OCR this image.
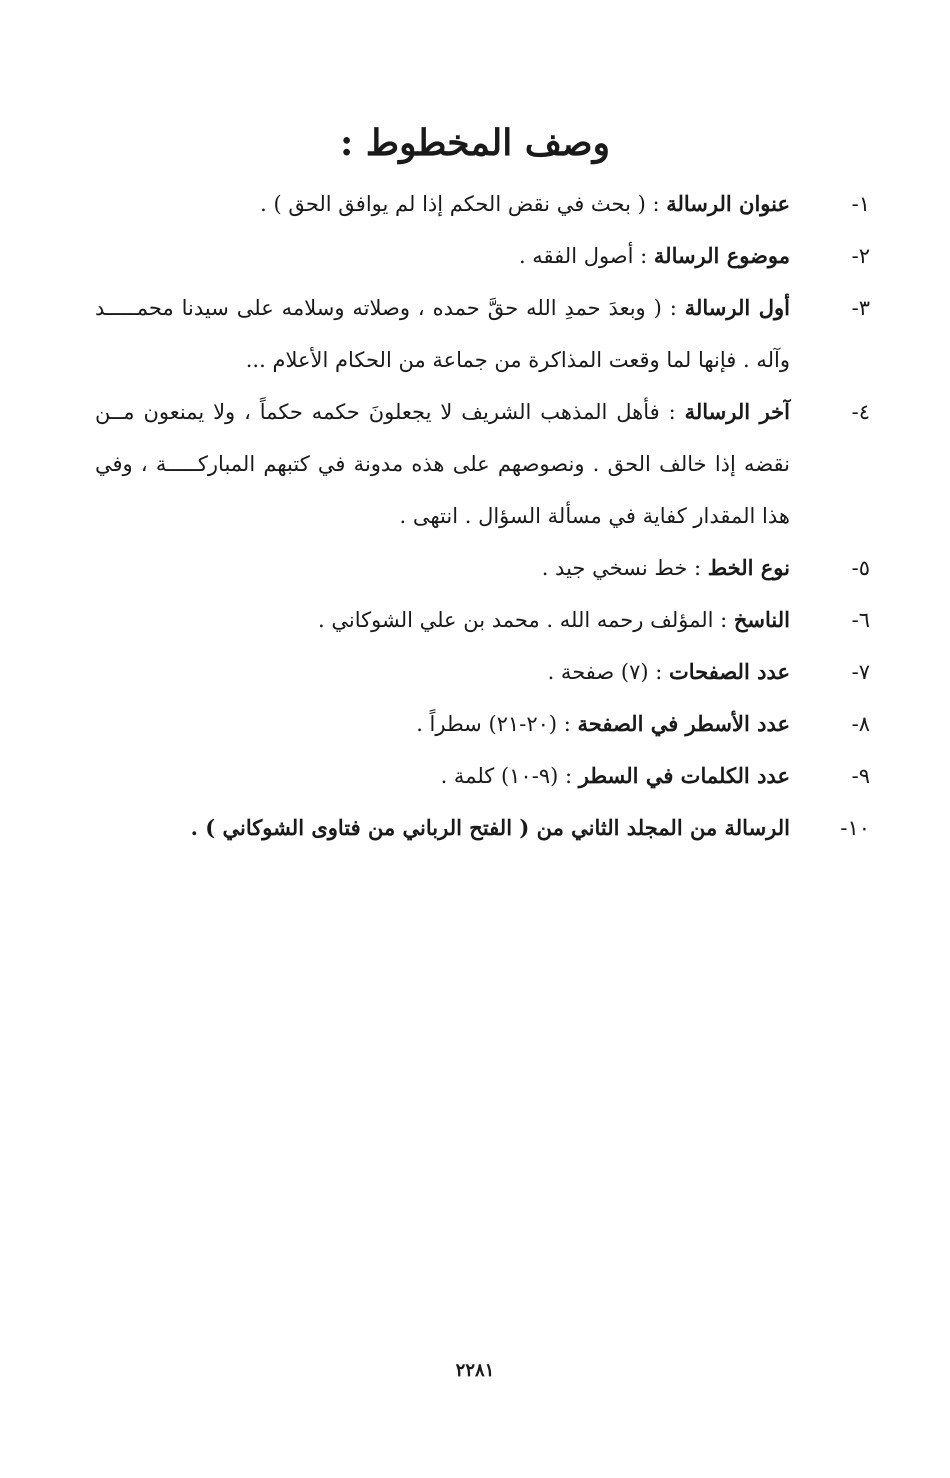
وصف المخطوط :
١-
عنوان الرسالة : ( بحث في نقض الحكم إذا لم يوافق الحق ) .
٢-
موضوع الرسالة : أصول الفقه .
٣-
أول الرسالة : ( وبعدَ حمدِ الله حقَّ حمده ، وصلاته وسلامه على سيدنا محمـــــد وآله . فإنها لما وقعت المذاكرة من جماعة من الحكام الأعلام ...
٤-
آخر الرسالة : فأهل المذهب الشريف لا يجعلونَ حكمه حكماً ، ولا يمنعون مــن نقضه إذا خالف الحق . ونصوصهم على هذه مدونة في كتبهم المباركـــــة ، وفي هذا المقدار كفاية في مسألة السؤال . انتهى .
٥-
نوع الخط : خط نسخي جيد .
٦-
الناسخ : المؤلف رحمه الله . محمد بن علي الشوكاني .
٧-
عدد الصفحات : (٧) صفحة .
٨-
عدد الأسطر في الصفحة : (٢٠-٢١) سطراً .
٩-
عدد الكلمات في السطر : (٩-١٠) كلمة .
١٠-
الرسالة من المجلد الثاني من ( الفتح الرباني من فتاوى الشوكاني ) .
٢٢٨١
